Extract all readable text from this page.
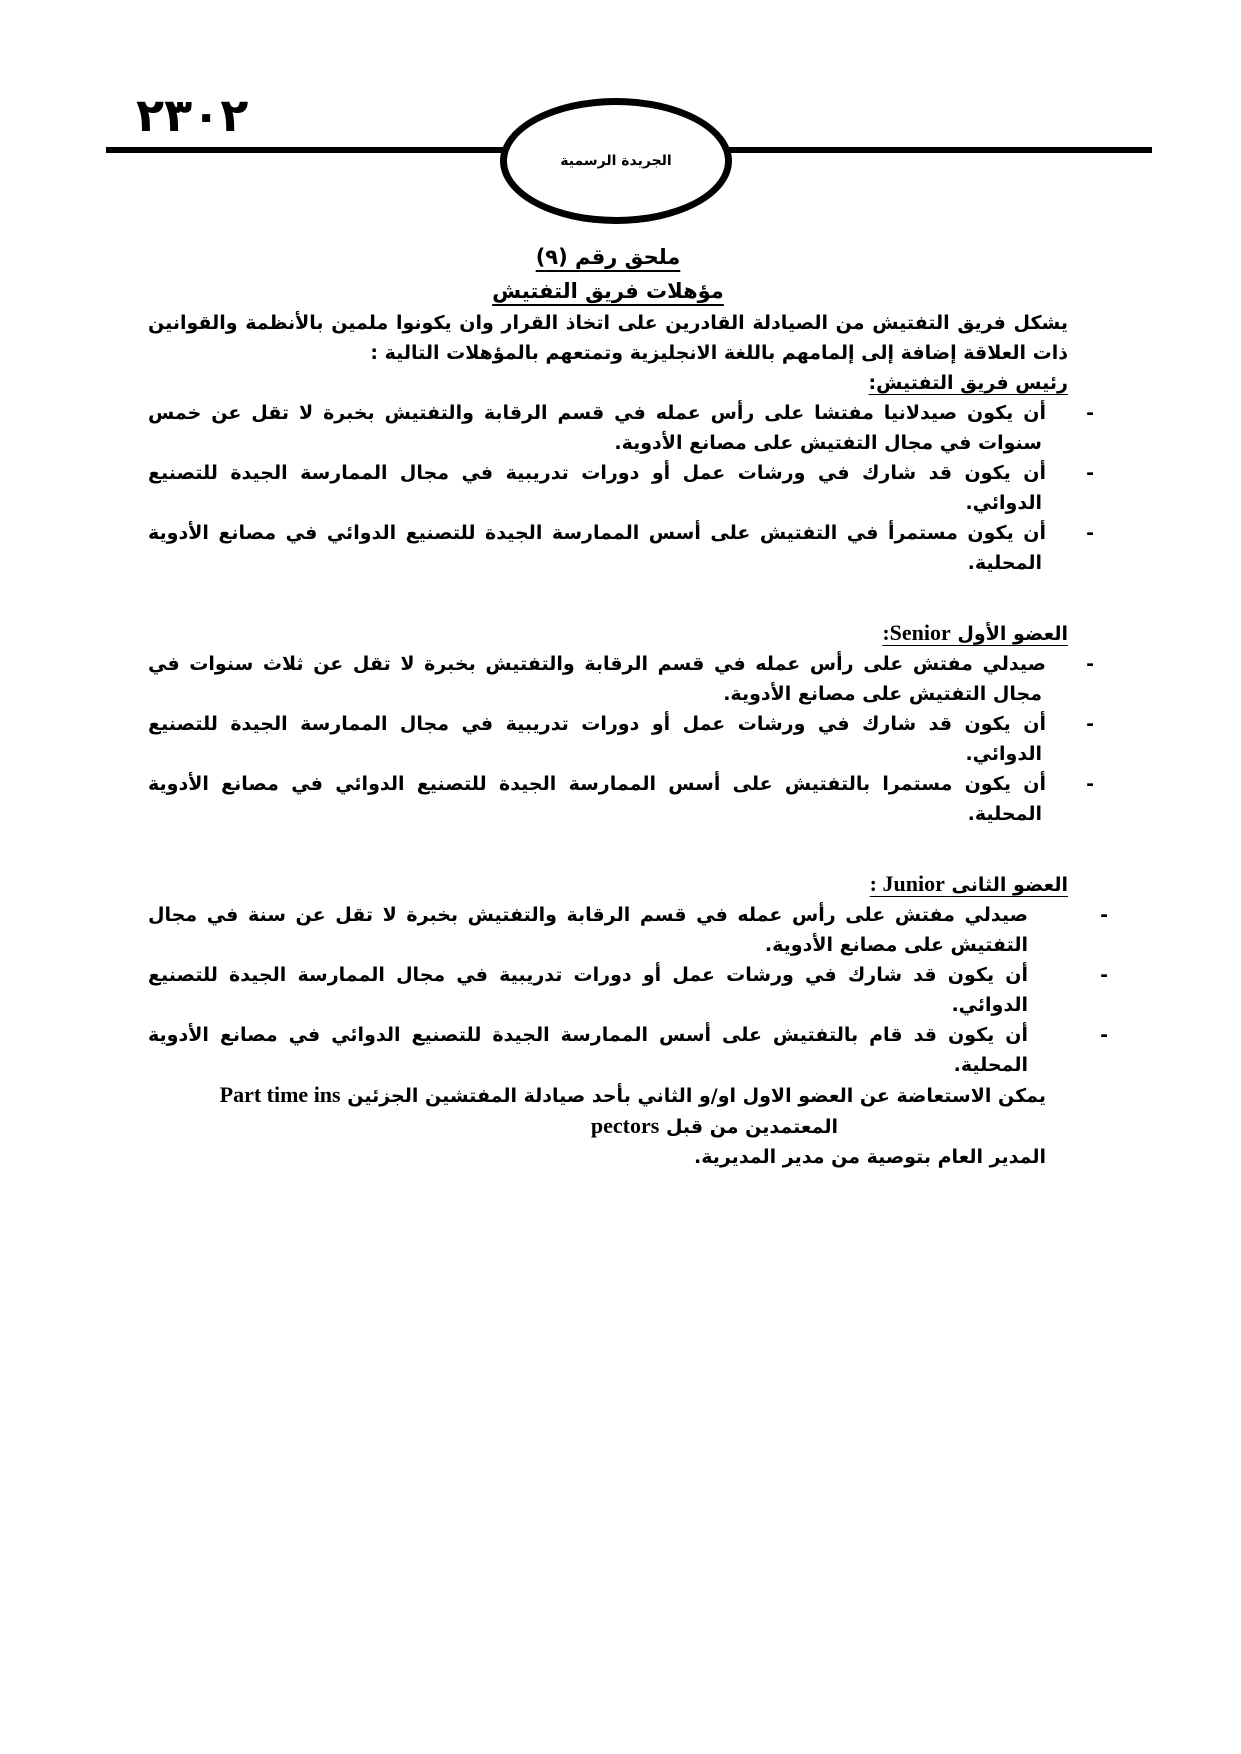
٢٣٠٢
الجريدة الرسمية
ملحق رقم (٩)
مؤهلات فريق التفتيش

يشكل فريق التفتيش من الصيادلة القادرين على اتخاذ القرار وان يكونوا ملمين بالأنظمة والقوانين ذات العلاقة إضافة إلى إلمامهم باللغة الانجليزية وتمتعهم بالمؤهلات التالية :

رئيس فريق التفتيش:

-أن يكون صيدلانيا مفتشا على رأس عمله في قسم الرقابة والتفتيش بخبرة لا تقل عن خمس سنوات في مجال التفتيش على مصانع الأدوية.

-أن يكون قد شارك في ورشات عمل أو دورات تدريبية في مجال الممارسة الجيدة للتصنيع الدوائي.

-أن يكون مستمرأ في التفتيش على أسس الممارسة الجيدة للتصنيع الدوائي في مصانع الأدوية المحلية.

العضو الأول Senior:

-صيدلي مفتش على رأس عمله في قسم الرقابة والتفتيش بخبرة لا تقل عن ثلاث سنوات في مجال التفتيش على مصانع الأدوية.

-أن يكون قد شارك في ورشات عمل أو دورات تدريبية في مجال الممارسة الجيدة للتصنيع الدوائي.

-أن يكون مستمرا بالتفتيش على أسس الممارسة الجيدة للتصنيع الدوائي في مصانع الأدوية المحلية.

العضو الثانى Junior :

-صيدلي مفتش على رأس عمله في قسم الرقابة والتفتيش بخبرة لا تقل عن سنة في مجال التفتيش على مصانع الأدوية.

-أن يكون قد شارك في ورشات عمل أو دورات تدريبية في مجال الممارسة الجيدة للتصنيع الدوائي.

-أن يكون قد قام بالتفتيش على أسس الممارسة الجيدة للتصنيع الدوائي في مصانع الأدوية المحلية.

يمكن الاستعاضة عن العضو الاول او/و الثاني بأحد صيادلة المفتشين الجزئين Part time ins

المعتمدين من قبل pectors

المدير العام بتوصية من مدير المديرية.
